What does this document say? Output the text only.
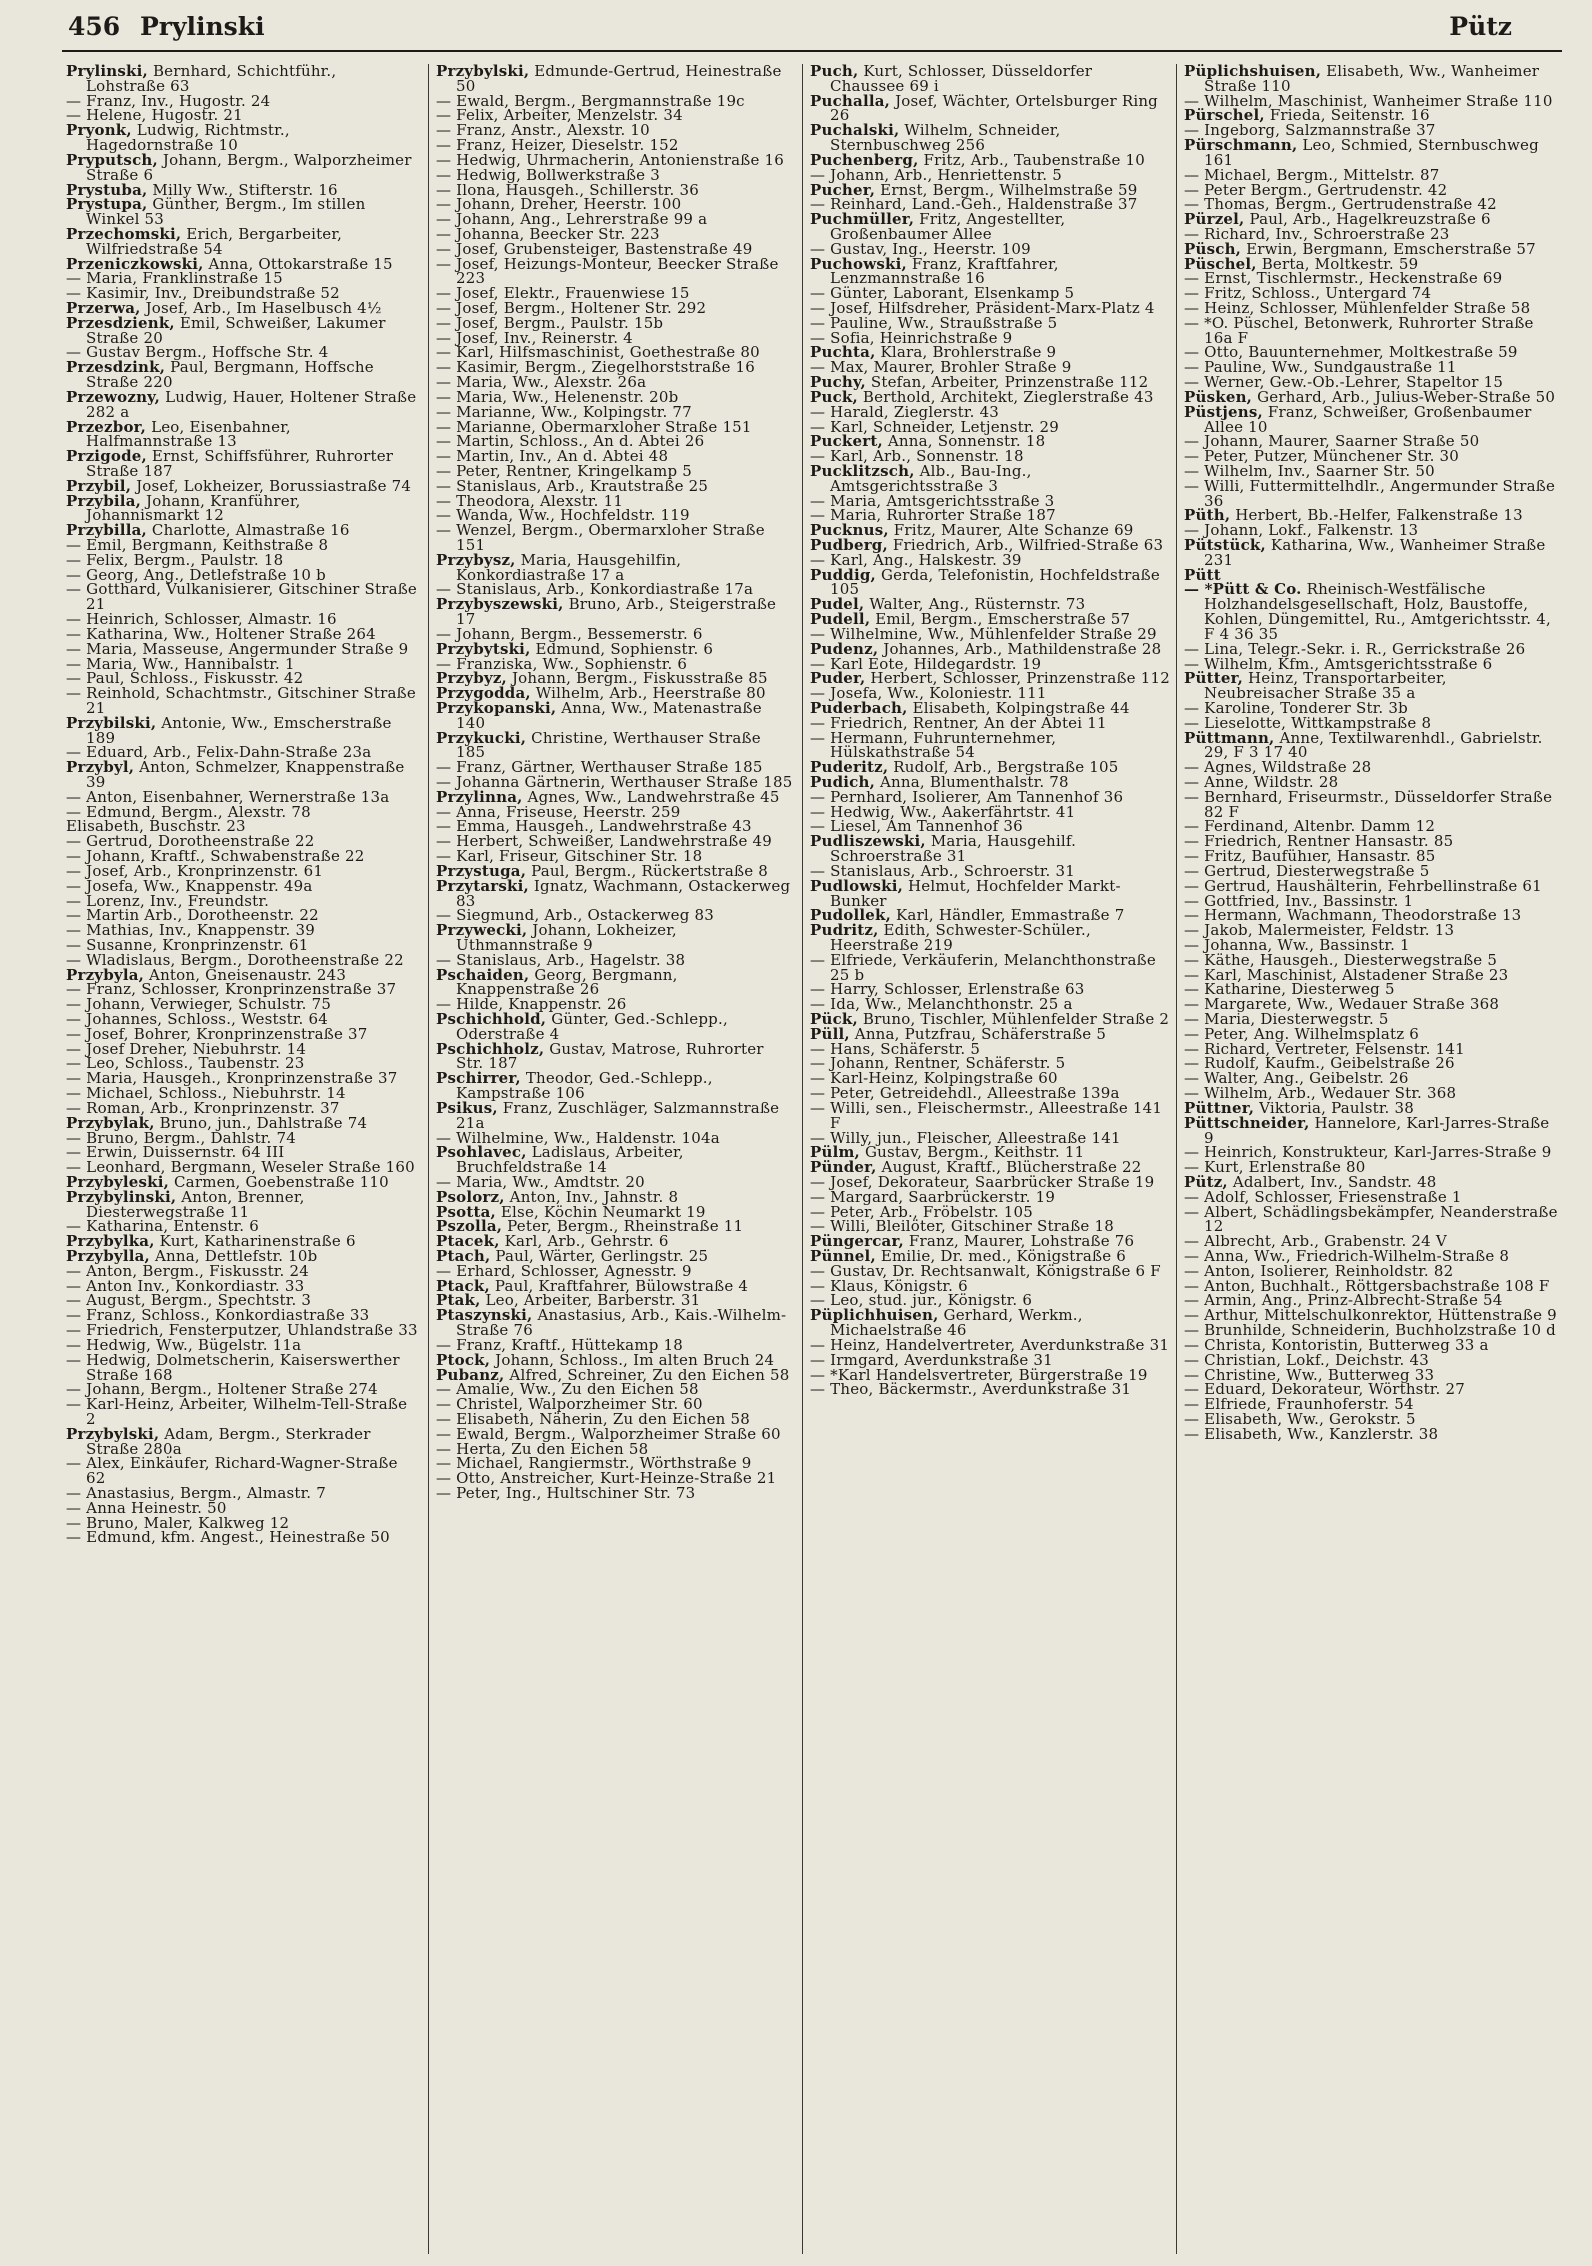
456 Prylinski	Pütz
Prylinski, Bernhard, Schichtführ., Lohstraße 63
— Franz, Inv., Hugostr. 24
— Helene, Hugostr. 21
Pryonk, Ludwig, Richtmstr., Hagedornstraße 10
Pryputsch, Johann, Bergm., Walporzheimer Straße 6
Prystuba, Milly Ww., Stifterstr. 16
Prystupa, Günther, Bergm., Im stillen Winkel 53
Przechomski, Erich, Bergarbeiter, Wilfriedstraße 54
Przeniczkowski, Anna, Ottokarstraße 15
— Maria, Franklinstraße 15
— Kasimir, Inv., Dreibundstraße 52
Przerwa, Josef, Arb., Im Haselbusch 4½
Przesdzienk, Emil, Schweißer, Lakumer Straße 20
— Gustav Bergm., Hoffsche Str. 4
Przesdzink, Paul, Bergmann, Hoffsche Straße 220
Przewozny, Ludwig, Hauer, Holtener Straße 282 a
Przezbor, Leo, Eisenbahner, Halfmannstraße 13
Przigode, Ernst, Schiffsführer, Ruhrorter Straße 187
Przybil, Josef, Lokheizer, Borussiastraße 74
Przybila, Johann, Kranführer, Johannismarkt 12
Przybilla, Charlotte, Almastraße 16
— Emil, Bergmann, Keithstraße 8
— Felix, Bergm., Paulstr. 18
— Georg, Ang., Detlefstraße 10 b
— Gotthard, Vulkanisierer, Gitschiner Straße 21
— Heinrich, Schlosser, Almastr. 16
— Katharina, Ww., Holtener Straße 264
— Maria, Masseuse, Angermunder Straße 9
— Maria, Ww., Hannibalstr. 1
— Paul, Schloss., Fiskusstr. 42
— Reinhold, Schachtmstr., Gitschiner Straße 21
Przybilski, Antonie, Ww., Emscherstraße 189
— Eduard, Arb., Felix-Dahn-Straße 23a
Przybyl, Anton, Schmelzer, Knappenstraße 39
— Anton, Eisenbahner, Wernerstraße 13a
— Edmund, Bergm., Alexstr. 78
Elisabeth, Buschstr. 23
— Gertrud, Dorotheenstraße 22
— Johann, Kraftf., Schwabenstraße 22
— Josef, Arb., Kronprinzenstr. 61
— Josefa, Ww., Knappenstr. 49a
— Lorenz, Inv., Freundstr.
— Martin Arb., Dorotheenstr. 22
— Mathias, Inv., Knappenstr. 39
— Susanne, Kronprinzenstr. 61
— Wladislaus, Bergm., Dorotheenstraße 22
Przybyla, Anton, Gneisenaustr. 243
— Franz, Schlosser, Kronprinzenstraße 37
— Johann, Verwieger, Schulstr. 75
— Johannes, Schloss., Weststr. 64
— Josef, Bohrer, Kronprinzenstraße 37
— Josef Dreher, Niebuhrstr. 14
— Leo, Schloss., Taubenstr. 23
— Maria, Hausgeh., Kronprinzenstraße 37
— Michael, Schloss., Niebuhrstr. 14
— Roman, Arb., Kronprinzenstr. 37
Przybylak, Bruno, jun., Dahlstraße 74
— Bruno, Bergm., Dahlstr. 74
— Erwin, Duissernstr. 64 III
— Leonhard, Bergmann, Weseler Straße 160
Przybyleski, Carmen, Goebenstraße 110
Przybylinski, Anton, Brenner, Diesterwegstraße 11
— Katharina, Entenstr. 6
Przybylka, Kurt, Katharinenstraße 6
Przybylla, Anna, Dettlefstr. 10b
— Anton, Bergm., Fiskusstr. 24
— Anton Inv., Konkordiastr. 33
— August, Bergm., Spechtstr. 3
— Franz, Schloss., Konkordiastraße 33
— Friedrich, Fensterputzer, Uhlandstraße 33
— Hedwig, Ww., Bügelstr. 11a
— Hedwig, Dolmetscherin, Kaiserswerther Straße 168
— Johann, Bergm., Holtener Straße 274
— Karl-Heinz, Arbeiter, Wilhelm-Tell-Straße 2
Przybylski, Adam, Bergm., Sterkrader Straße 280a
— Alex, Einkäufer, Richard-Wagner-Straße 62
— Anastasius, Bergm., Almastr. 7
— Anna Heinestr. 50
— Bruno, Maler, Kalkweg 12
— Edmund, kfm. Angest., Heinestraße 50
Przybylski, Edmunde-Gertrud, Heinestraße 50
— Ewald, Bergm., Bergmannstraße 19c
— Felix, Arbeiter, Menzelstr. 34
— Franz, Anstr., Alexstr. 10
— Franz, Heizer, Dieselstr. 152
— Hedwig, Uhrmacherin, Antonienstraße 16
— Hedwig, Bollwerkstraße 3
— Ilona, Hausgeh., Schillerstr. 36
— Johann, Dreher, Heerstr. 100
— Johann, Ang., Lehrerstraße 99 a
— Johanna, Beecker Str. 223
— Josef, Grubensteiger, Bastenstraße 49
— Josef, Heizungs-Monteur, Beecker Straße 223
— Josef, Elektr., Frauenwiese 15
— Josef, Bergm., Holtener Str. 292
— Josef, Bergm., Paulstr. 15b
— Josef, Inv., Reinerstr. 4
— Karl, Hilfsmaschinist, Goethestraße 80
— Kasimir, Bergm., Ziegelhorststraße 16
— Maria, Ww., Alexstr. 26a
— Maria, Ww., Helenenstr. 20b
— Marianne, Ww., Kolpingstr. 77
— Marianne, Obermarxloher Straße 151
— Martin, Schloss., An d. Abtei 26
— Martin, Inv., An d. Abtei 48
— Peter, Rentner, Kringelkamp 5
— Stanislaus, Arb., Krautstraße 25
— Theodora, Alexstr. 11
— Wanda, Ww., Hochfeldstr. 119
— Wenzel, Bergm., Obermarxloher Straße 151
Przybysz, Maria, Hausgehilfin, Konkordiastraße 17 a
— Stanislaus, Arb., Konkordiastraße 17a
Przybyszewski, Bruno, Arb., Steigerstraße 17
— Johann, Bergm., Bessemerstr. 6
Przybytski, Edmund, Sophienstr. 6
— Franziska, Ww., Sophienstr. 6
Przybyz, Johann, Bergm., Fiskusstraße 85
Przygodda, Wilhelm, Arb., Heerstraße 80
Przykopanski, Anna, Ww., Matenastraße 140
Przykucki, Christine, Werthauser Straße 185
— Franz, Gärtner, Werthauser Straße 185
— Johanna Gärtnerin, Werthauser Straße 185
Przylinna, Agnes, Ww., Landwehrstraße 45
— Anna, Friseuse, Heerstr. 259
— Emma, Hausgeh., Landwehrstraße 43
— Herbert, Schweißer, Landwehrstraße 49
— Karl, Friseur, Gitschiner Str. 18
Przystuga, Paul, Bergm., Rückertstraße 8
Przytarski, Ignatz, Wachmann, Ostackerweg 83
— Siegmund, Arb., Ostackerweg 83
Przywecki, Johann, Lokheizer, Uthmannstraße 9
— Stanislaus, Arb., Hagelstr. 38
Pschaiden, Georg, Bergmann, Knappenstraße 26
— Hilde, Knappenstr. 26
Pschichhold, Günter, Ged.-Schlepp., Oderstraße 4
Pschichholz, Gustav, Matrose, Ruhrorter Str. 187
Pschirrer, Theodor, Ged.-Schlepp., Kampstraße 106
Psikus, Franz, Zuschläger, Salzmannstraße 21a
— Wilhelmine, Ww., Haldenstr. 104a
Psohlavec, Ladislaus, Arbeiter, Bruchfeldstraße 14
— Maria, Ww., Amdtstr. 20
Psolorz, Anton, Inv., Jahnstr. 8
Psotta, Else, Köchin Neumarkt 19
Pszolla, Peter, Bergm., Rheinstraße 11
Ptacek, Karl, Arb., Gehrstr. 6
Ptach, Paul, Wärter, Gerlingstr. 25
— Erhard, Schlosser, Agnesstr. 9
Ptack, Paul, Kraftfahrer, Bülowstraße 4
Ptak, Leo, Arbeiter, Barberstr. 31
Ptaszynski, Anastasius, Arb., Kais.-Wilhelm-Straße 76
— Franz, Kraftf., Hüttekamp 18
Ptock, Johann, Schloss., Im alten Bruch 24
Pubanz, Alfred, Schreiner, Zu den Eichen 58
— Amalie, Ww., Zu den Eichen 58
— Christel, Walporzheimer Str. 60
— Elisabeth, Näherin, Zu den Eichen 58
— Ewald, Bergm., Walporzheimer Straße 60
— Herta, Zu den Eichen 58
— Michael, Rangiermstr., Wörthstraße 9
— Otto, Anstreicher, Kurt-Heinze-Straße 21
— Peter, Ing., Hultschiner Str. 73
Puch, Kurt, Schlosser, Düsseldorfer Chaussee 69 i
Puchalla, Josef, Wächter, Ortelsburger Ring 26
Puchalski, Wilhelm, Schneider, Sternbuschweg 256
Puchenberg, Fritz, Arb., Taubenstraße 10
— Johann, Arb., Henriettenstr. 5
Pucher, Ernst, Bergm., Wilhelmstraße 59
— Reinhard, Land.-Geh., Haldenstraße 37
Puchmüller, Fritz, Angestellter, Großenbaumer Allee
— Gustav, Ing., Heerstr. 109
Puchowski, Franz, Kraftfahrer, Lenzmannstraße 16
— Günter, Laborant, Elsenkamp 5
— Josef, Hilfsdreher, Präsident-Marx-Platz 4
— Pauline, Ww., Straußstraße 5
— Sofia, Heinrichstraße 9
Puchta, Klara, Brohlerstraße 9
— Max, Maurer, Brohler Straße 9
Puchy, Stefan, Arbeiter, Prinzenstraße 112
Puck, Berthold, Architekt, Zieglerstraße 43
— Harald, Zieglerstr. 43
— Karl, Schneider, Letjenstr. 29
Puckert, Anna, Sonnenstr. 18
— Karl, Arb., Sonnenstr. 18
Pucklitzsch, Alb., Bau-Ing., Amtsgerichtsstraße 3
— Maria, Amtsgerichtsstraße 3
— Maria, Ruhrorter Straße 187
Pucknus, Fritz, Maurer, Alte Schanze 69
Pudberg, Friedrich, Arb., Wilfried-Straße 63
— Karl, Ang., Halskestr. 39
Puddig, Gerda, Telefonistin, Hochfeldstraße 105
Pudel, Walter, Ang., Rüsternstr. 73
Pudell, Emil, Bergm., Emscherstraße 57
— Wilhelmine, Ww., Mühlenfelder Straße 29
Pudenz, Johannes, Arb., Mathildenstraße 28
— Karl Eote, Hildegardstr. 19
Puder, Herbert, Schlosser, Prinzenstraße 112
— Josefa, Ww., Koloniestr. 111
Puderbach, Elisabeth, Kolpingstraße 44
— Friedrich, Rentner, An der Abtei 11
— Hermann, Fuhrunternehmer, Hülskathstraße 54
Puderitz, Rudolf, Arb., Bergstraße 105
Pudich, Anna, Blumenthalstr. 78
— Pernhard, Isolierer, Am Tannenhof 36
— Hedwig, Ww., Aakerfährtstr. 41
— Liesel, Am Tannenhof 36
Pudliszewski, Maria, Hausgehilf. Schroerstraße 31
— Stanislaus, Arb., Schroerstr. 31
Pudlowski, Helmut, Hochfelder Markt-Bunker
Pudollek, Karl, Händler, Emmastraße 7
Pudritz, Edith, Schwester-Schüler., Heerstraße 219
— Elfriede, Verkäuferin, Melanchthonstraße 25 b
— Harry, Schlosser, Erlenstraße 63
— Ida, Ww., Melanchthonstr. 25 a
Pück, Bruno, Tischler, Mühlenfelder Straße 2
Püll, Anna, Putzfrau, Schäferstraße 5
— Hans, Schäferstr. 5
— Johann, Rentner, Schäferstr. 5
— Karl-Heinz, Kolpingstraße 60
— Peter, Getreidehdl., Alleestraße 139a
— Willi, sen., Fleischermstr., Alleestraße 141 F
— Willy, jun., Fleischer, Alleestraße 141
Pülm, Gustav, Bergm., Keithstr. 11
Pünder, August, Kraftf., Blücherstraße 22
— Josef, Dekorateur, Saarbrücker Straße 19
— Margard, Saarbrückerstr. 19
— Peter, Arb., Fröbelstr. 105
— Willi, Bleilöter, Gitschiner Straße 18
Püngercar, Franz, Maurer, Lohstraße 76
Pünnel, Emilie, Dr. med., Königstraße 6
— Gustav, Dr. Rechtsanwalt, Königstraße 6 F
— Klaus, Königstr. 6
— Leo, stud. jur., Königstr. 6
Püplichhuisen, Gerhard, Werkm., Michaelstraße 46
— Heinz, Handelvertreter, Averdunkstraße 31
— Irmgard, Averdunkstraße 31
— *Karl Handelsvertreter, Bürgerstraße 19
— Theo, Bäckermstr., Averdunkstraße 31
Püplichshuisen, Elisabeth, Ww., Wanheimer Straße 110
— Wilhelm, Maschinist, Wanheimer Straße 110
Pürschel, Frieda, Seitenstr. 16
— Ingeborg, Salzmannstraße 37
Pürschmann, Leo, Schmied, Sternbuschweg 161
— Michael, Bergm., Mittelstr. 87
— Peter Bergm., Gertrudenstr. 42
— Thomas, Bergm., Gertrudenstraße 42
Pürzel, Paul, Arb., Hagelkreuzstraße 6
— Richard, Inv., Schroerstraße 23
Püsch, Erwin, Bergmann, Emscherstraße 57
Püschel, Berta, Moltkestr. 59
— Ernst, Tischlermstr., Heckenstraße 69
— Fritz, Schloss., Untergard 74
— Heinz, Schlosser, Mühlenfelder Straße 58
— *O. Püschel, Betonwerk, Ruhrorter Straße 16a F
— Otto, Bauunternehmer, Moltkestraße 59
— Pauline, Ww., Sundgaustraße 11
— Werner, Gew.-Ob.-Lehrer, Stapeltor 15
Püsken, Gerhard, Arb., Julius-Weber-Straße 50
Püstjens, Franz, Schweißer, Großenbaumer Allee 10
— Johann, Maurer, Saarner Straße 50
— Peter, Putzer, Münchener Str. 30
— Wilhelm, Inv., Saarner Str. 50
— Willi, Futtermittelhdlr., Angermunder Straße 36
Püth, Herbert, Bb.-Helfer, Falkenstraße 13
— Johann, Lokf., Falkenstr. 13
Pütstück, Katharina, Ww., Wanheimer Straße 231
Pütt
— *Pütt & Co. Rheinisch-Westfälische Holzhandelsgesellschaft, Holz, Baustoffe, Kohlen, Düngemittel, Ru., Amtgerichtsstr. 4, F 4 36 35
— Lina, Telegr.-Sekr. i. R., Gerrickstraße 26
— Wilhelm, Kfm., Amtsgerichtsstraße 6
Pütter, Heinz, Transportarbeiter, Neubreisacher Straße 35 a
— Karoline, Tonderer Str. 3b
— Lieselotte, Wittkampstraße 8
Püttmann, Anne, Textilwarenhdl., Gabrielstr. 29, F 3 17 40
— Agnes, Wildstraße 28
— Anne, Wildstr. 28
— Bernhard, Friseurmstr., Düsseldorfer Straße 82 F
— Ferdinand, Altenbr. Damm 12
— Friedrich, Rentner Hansastr. 85
— Fritz, Baufühıer, Hansastr. 85
— Gertrud, Diesterwegstraße 5
— Gertrud, Haushälterin, Fehrbellinstraße 61
— Gottfried, Inv., Bassinstr. 1
— Hermann, Wachmann, Theodorstraße 13
— Jakob, Malermeister, Feldstr. 13
— Johanna, Ww., Bassinstr. 1
— Käthe, Hausgeh., Diesterwegstraße 5
— Karl, Maschinist, Alstadener Straße 23
— Katharine, Diesterweg 5
— Margarete, Ww., Wedauer Straße 368
— Maria, Diesterwegstr. 5
— Peter, Ang. Wilhelmsplatz 6
— Richard, Vertreter, Felsenstr. 141
— Rudolf, Kaufm., Geibelstraße 26
— Walter, Ang., Geibelstr. 26
— Wilhelm, Arb., Wedauer Str. 368
Püttner, Viktoria, Paulstr. 38
Püttschneider, Hannelore, Karl-Jarres-Straße 9
— Heinrich, Konstrukteur, Karl-Jarres-Straße 9
— Kurt, Erlenstraße 80
Pütz, Adalbert, Inv., Sandstr. 48
— Adolf, Schlosser, Friesenstraße 1
— Albert, Schädlingsbekämpfer, Neanderstraße 12
— Albrecht, Arb., Grabenstr. 24 V
— Anna, Ww., Friedrich-Wilhelm-Straße 8
— Anton, Isolierer, Reinholdstr. 82
— Anton, Buchhalt., Röttgersbachstraße 108 F
— Armin, Ang., Prinz-Albrecht-Straße 54
— Arthur, Mittelschulkonrektor, Hüttenstraße 9
— Brunhilde, Schneiderin, Buchholzstraße 10 d
— Christa, Kontoristin, Butterweg 33 a
— Christian, Lokf., Deichstr. 43
— Christine, Ww., Butterweg 33
— Eduard, Dekorateur, Wörthstr. 27
— Elfriede, Fraunhoferstr. 54
— Elisabeth, Ww., Gerokstr. 5
— Elisabeth, Ww., Kanzlerstr. 38
